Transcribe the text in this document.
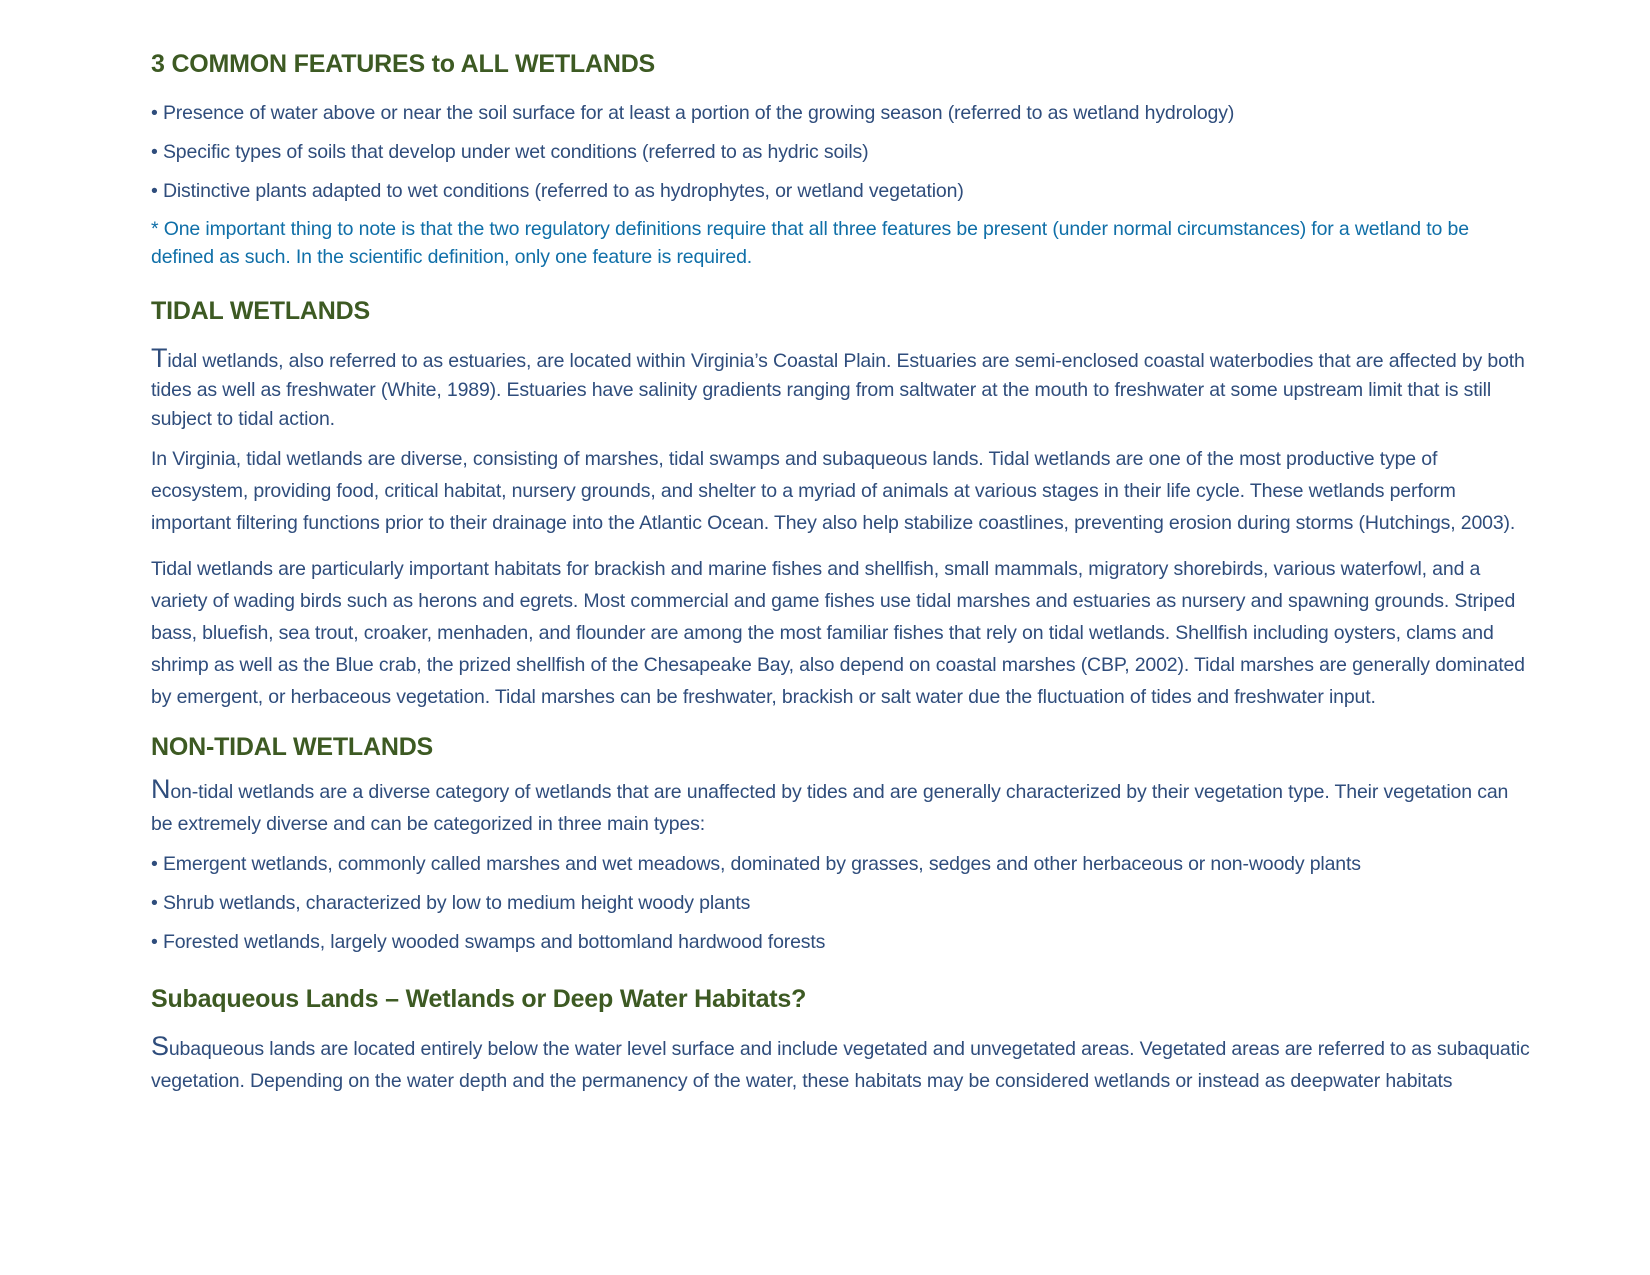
3 COMMON FEATURES to ALL WETLANDS

• Presence of water above or near the soil surface for at least a portion of the growing season (referred to as wetland hydrology)

• Specific types of soils that develop under wet conditions (referred to as hydric soils)

• Distinctive plants adapted to wet conditions (referred to as hydrophytes, or wetland vegetation)

* One important thing to note is that the two regulatory definitions require that all three features be present (under normal circumstances) for a wetland to be defined as such. In the scientific definition, only one feature is required.

TIDAL WETLANDS

Tidal wetlands, also referred to as estuaries, are located within Virginia’s Coastal Plain. Estuaries are semi-enclosed coastal waterbodies that are affected by both tides as well as freshwater (White, 1989). Estuaries have salinity gradients ranging from saltwater at the mouth to freshwater at some upstream limit that is still subject to tidal action.

In Virginia, tidal wetlands are diverse, consisting of marshes, tidal swamps and subaqueous lands. Tidal wetlands are one of the most productive type of ecosystem, providing food, critical habitat, nursery grounds, and shelter to a myriad of animals at various stages in their life cycle. These wetlands perform important filtering functions prior to their drainage into the Atlantic Ocean. They also help stabilize coastlines, preventing erosion during storms (Hutchings, 2003).

Tidal wetlands are particularly important habitats for brackish and marine fishes and shellfish, small mammals, migratory shorebirds, various waterfowl, and a variety of wading birds such as herons and egrets. Most commercial and game fishes use tidal marshes and estuaries as nursery and spawning grounds. Striped bass, bluefish, sea trout, croaker, menhaden, and flounder are among the most familiar fishes that rely on tidal wetlands. Shellfish including oysters, clams and shrimp as well as the Blue crab, the prized shellfish of the Chesapeake Bay, also depend on coastal marshes (CBP, 2002). Tidal marshes are generally dominated by emergent, or herbaceous vegetation. Tidal marshes can be freshwater, brackish or salt water due the fluctuation of tides and freshwater input.

NON-TIDAL WETLANDS

Non-tidal wetlands are a diverse category of wetlands that are unaffected by tides and are generally characterized by their vegetation type. Their vegetation can be extremely diverse and can be categorized in three main types:

• Emergent wetlands, commonly called marshes and wet meadows, dominated by grasses, sedges and other herbaceous or non-woody plants

• Shrub wetlands, characterized by low to medium height woody plants

• Forested wetlands, largely wooded swamps and bottomland hardwood forests

Subaqueous Lands – Wetlands or Deep Water Habitats?

Subaqueous lands are located entirely below the water level surface and include vegetated and unvegetated areas. Vegetated areas are referred to as subaquatic vegetation. Depending on the water depth and the permanency of the water, these habitats may be considered wetlands or instead as deepwater habitats
